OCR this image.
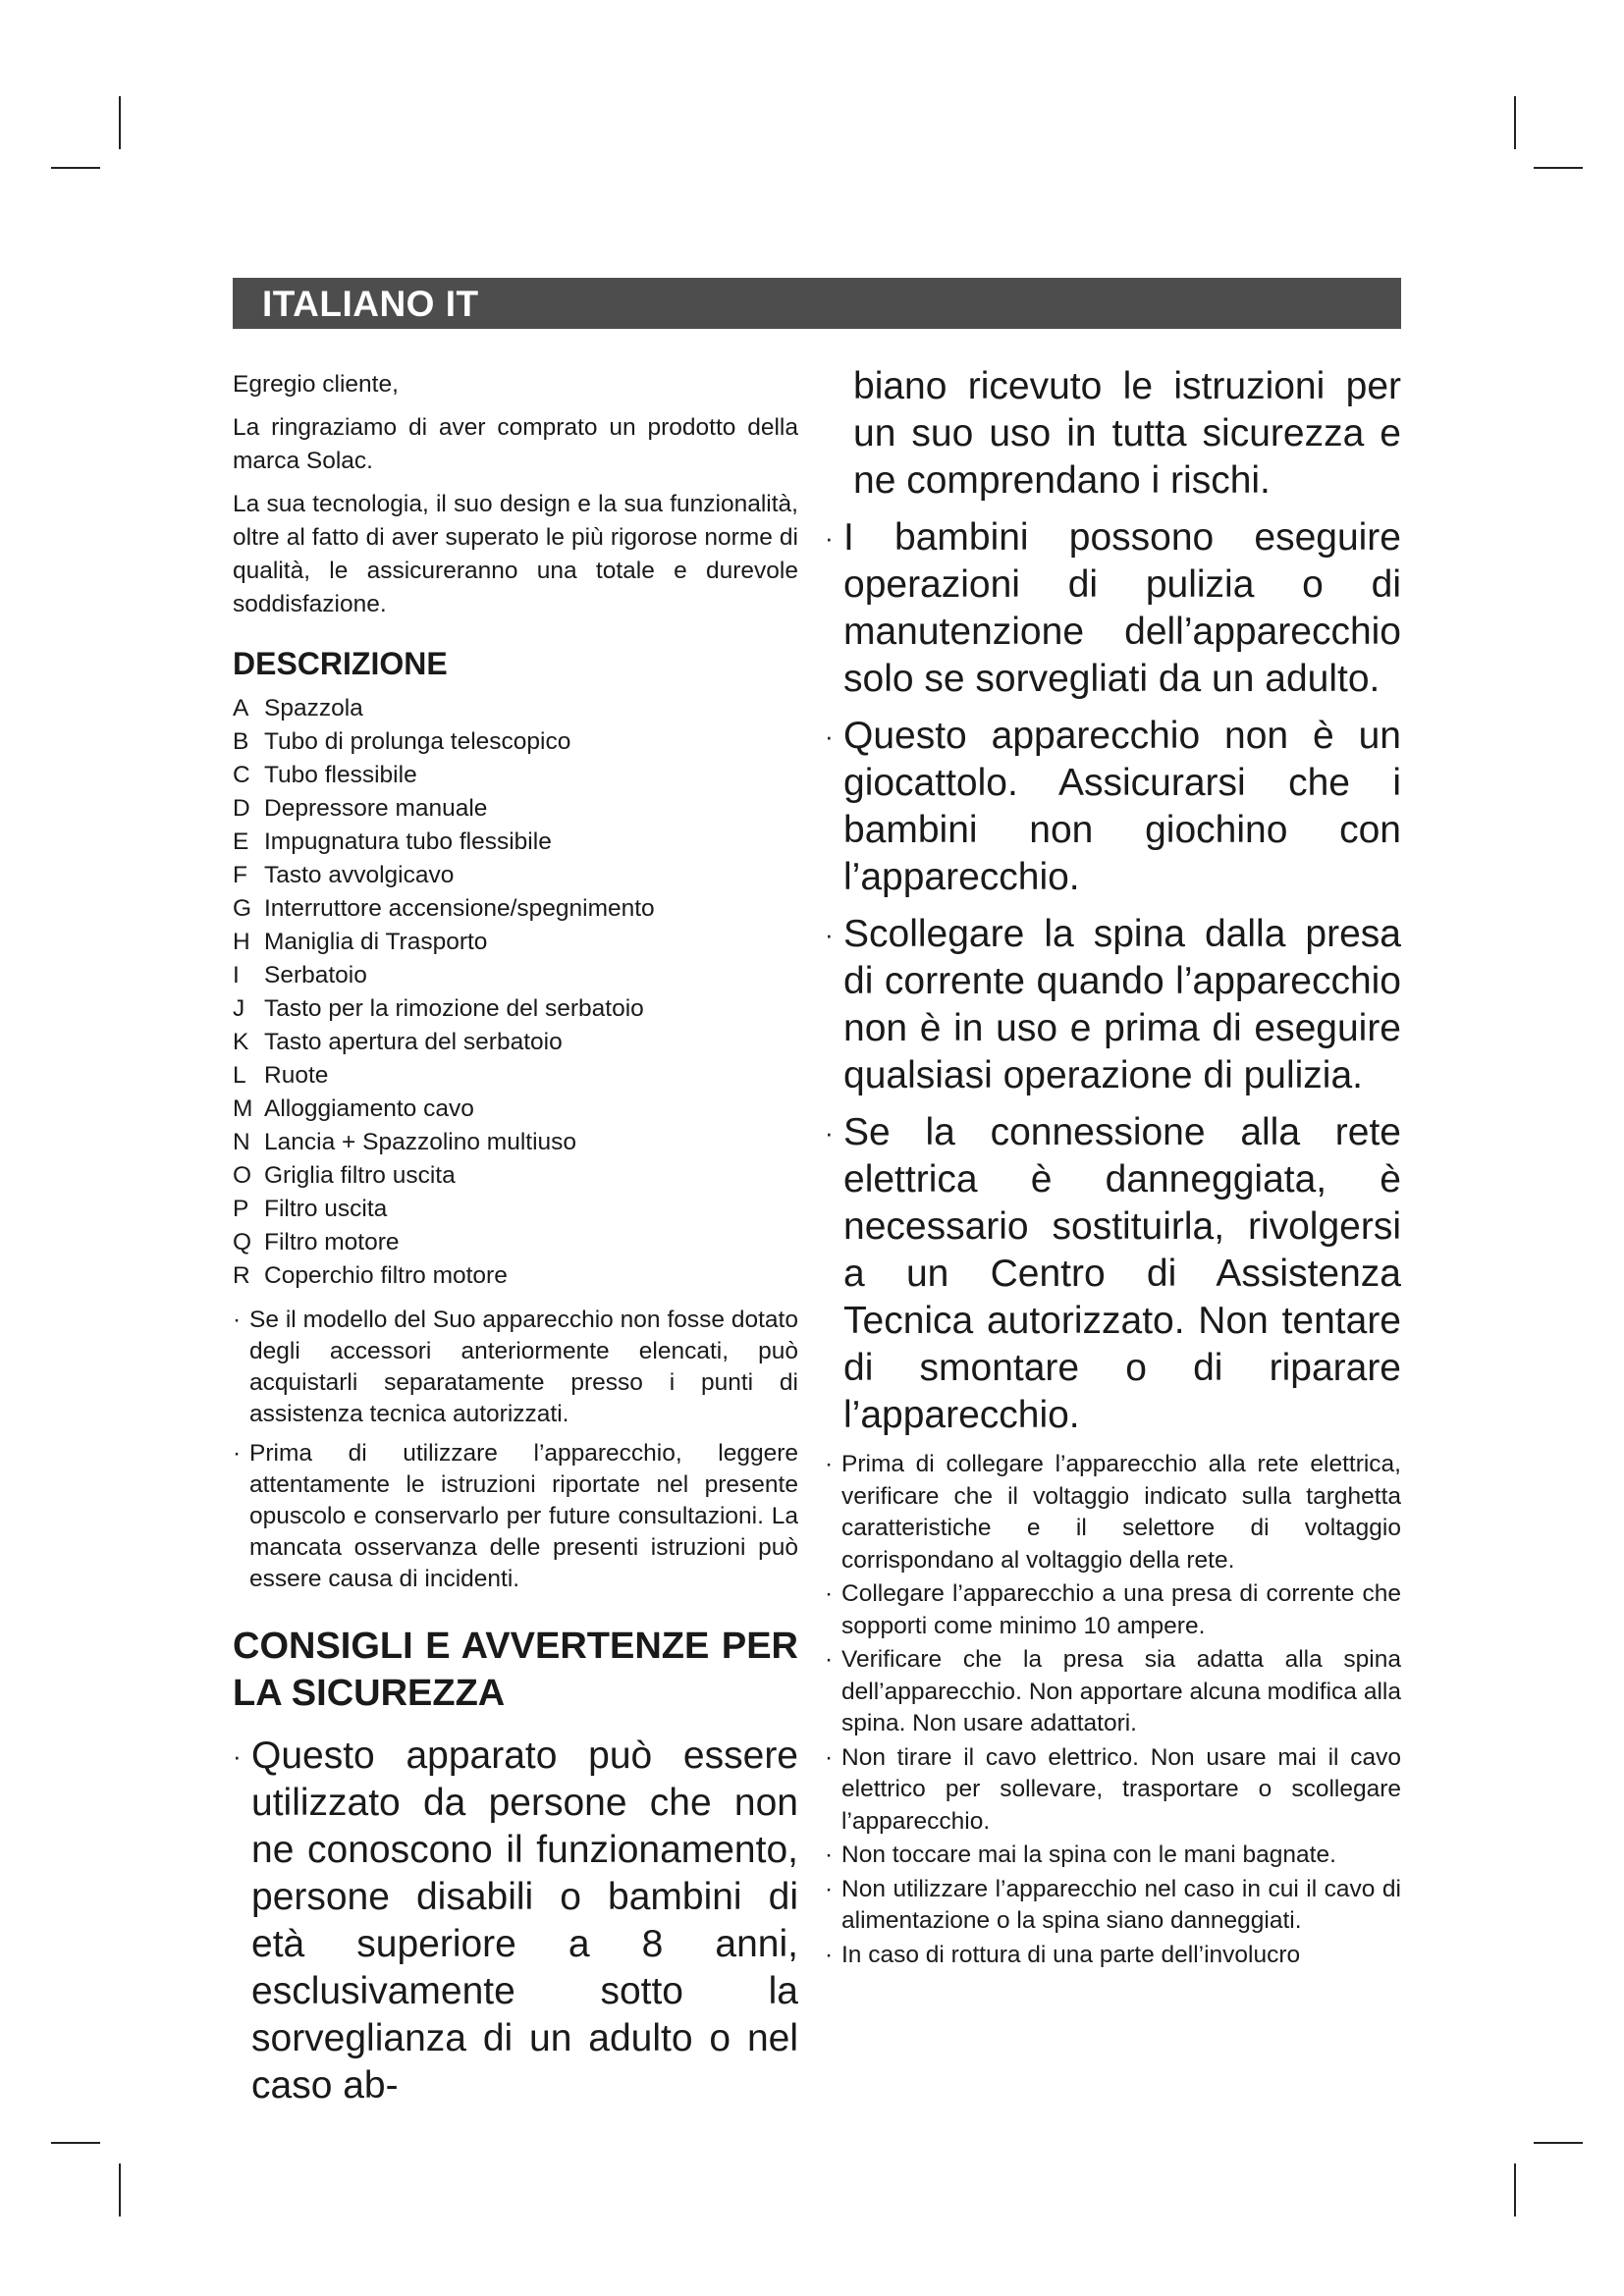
ITALIANO IT

Egregio cliente,

La ringraziamo di aver comprato un prodotto della marca Solac.

La sua tecnologia, il suo design e la sua funzionalità, oltre al fatto di aver superato le più rigorose norme di qualità, le assicureranno una totale e durevole soddisfazione.

DESCRIZIONE
A Spazzola
B Tubo di prolunga telescopico
C Tubo flessibile
D Depressore manuale
E Impugnatura tubo flessibile
F Tasto avvolgicavo
G Interruttore accensione/spegnimento
H Maniglia di Trasporto
I Serbatoio
J Tasto per la rimozione del serbatoio
K Tasto apertura del serbatoio
L Ruote
M Alloggiamento cavo
N Lancia + Spazzolino multiuso
O Griglia filtro uscita
P Filtro uscita
Q Filtro motore
R Coperchio filtro motore
· Se il modello del Suo apparecchio non fosse dotato degli accessori anteriormente elencati, può acquistarli separatamente presso i punti di assistenza tecnica autorizzati.
· Prima di utilizzare l’apparecchio, leggere attentamente le istruzioni riportate nel presente opuscolo e conservarlo per future consultazioni. La mancata osservanza delle presenti istruzioni può essere causa di incidenti.
CONSIGLI E AVVERTENZE PER LA SICUREZZA
· Questo apparato può essere utilizzato da persone che non ne conoscono il funzionamento, persone disabili o bambini di età superiore a 8 anni, esclusivamente sotto la sorveglianza di un adulto o nel caso ab-

biano ricevuto le istruzioni per un suo uso in tutta sicurezza e ne comprendano i rischi.

· I bambini possono eseguire operazioni di pulizia o di manutenzione dell’apparecchio solo se sorvegliati da un adulto.
· Questo apparecchio non è un giocattolo. Assicurarsi che i bambini non giochino con l’apparecchio.
· Scollegare la spina dalla presa di corrente quando l’apparecchio non è in uso e prima di eseguire qualsiasi operazione di pulizia.
· Se la connessione alla rete elettrica è danneggiata, è necessario sostituirla, rivolgersi a un Centro di Assistenza Tecnica autorizzato. Non tentare di smontare o di riparare l’apparecchio.
· Prima di collegare l’apparecchio alla rete elettrica, verificare che il voltaggio indicato sulla targhetta caratteristiche e il selettore di voltaggio corrispondano al voltaggio della rete.
· Collegare l’apparecchio a una presa di corrente che sopporti come minimo 10 ampere.
· Verificare che la presa sia adatta alla spina dell’apparecchio. Non apportare alcuna modifica alla spina. Non usare adattatori.
· Non tirare il cavo elettrico. Non usare mai il cavo elettrico per sollevare, trasportare o scollegare l’apparecchio.
· Non toccare mai la spina con le mani bagnate.
· Non utilizzare l’apparecchio nel caso in cui il cavo di alimentazione o la spina siano danneggiati.
· In caso di rottura di una parte dell’involucro
